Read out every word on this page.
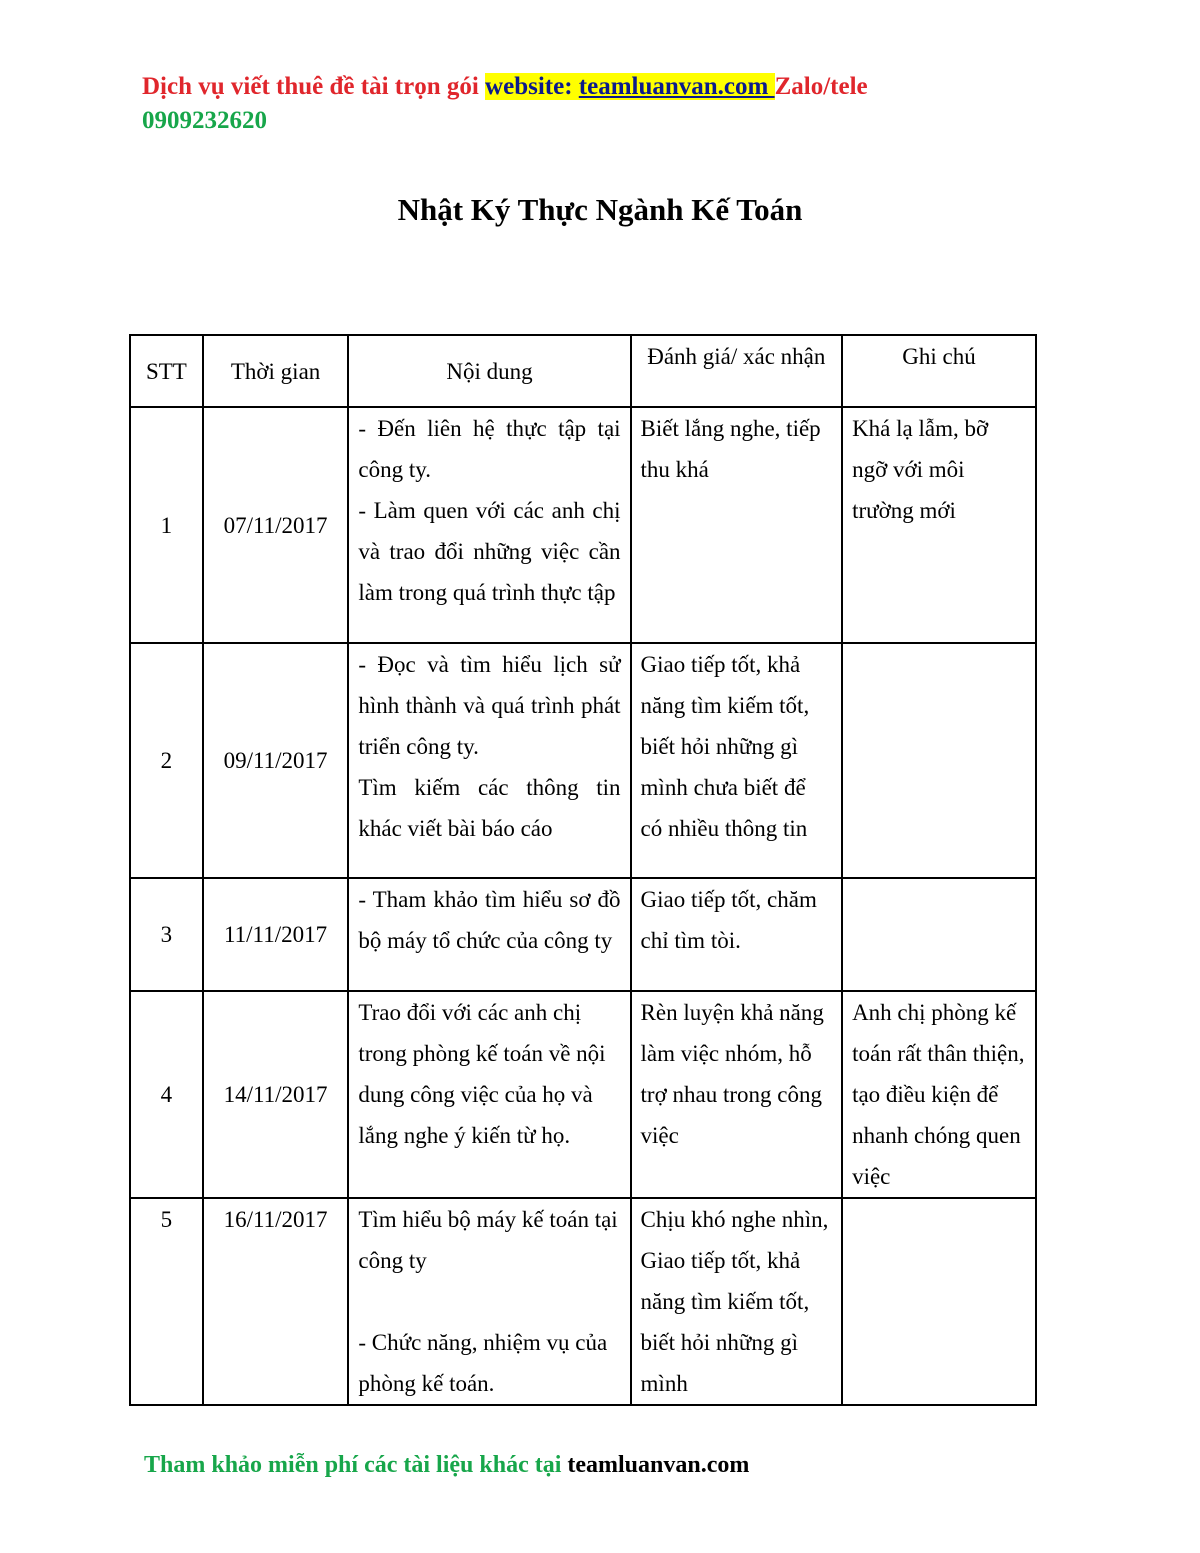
Dịch vụ viết thuê đề tài trọn gói website: teamluanvan.com Zalo/tele
0909232620
Nhật Ký Thực Ngành Kế Toán
STT	Thời gian	Nội dung	Đánh giá/ xác nhận	Ghi chú
1	07/11/2017	- Đến liên hệ thực tập tại công ty.
- Làm quen với các anh chị và trao đổi những việc cần làm trong quá trình thực tập	Biết lắng nghe, tiếp thu khá	Khá lạ lẫm, bỡ ngỡ với môi trường mới
2	09/11/2017	- Đọc và tìm hiểu lịch sử hình thành và quá trình phát triển công ty.
Tìm kiếm các thông tin khác viết bài báo cáo	Giao tiếp tốt, khả năng tìm kiếm tốt, biết hỏi những gì mình chưa biết để có nhiều thông tin	
3	11/11/2017	- Tham khảo tìm hiểu sơ đồ bộ máy tổ chức của công ty	Giao tiếp tốt, chăm chỉ tìm tòi.	
4	14/11/2017	Trao đổi với các anh chị trong phòng kế toán về nội dung công việc của họ và lắng nghe ý kiến từ họ.	Rèn luyện khả năng làm việc nhóm, hỗ trợ nhau trong công việc	Anh chị phòng kế toán rất thân thiện, tạo điều kiện để nhanh chóng quen việc
5	16/11/2017	Tìm hiểu bộ máy kế toán tại công ty

- Chức năng, nhiệm vụ của phòng kế toán.	Chịu khó nghe nhìn, Giao tiếp tốt, khả năng tìm kiếm tốt, biết hỏi những gì mình	
Tham khảo miễn phí các tài liệu khác tại teamluanvan.com
